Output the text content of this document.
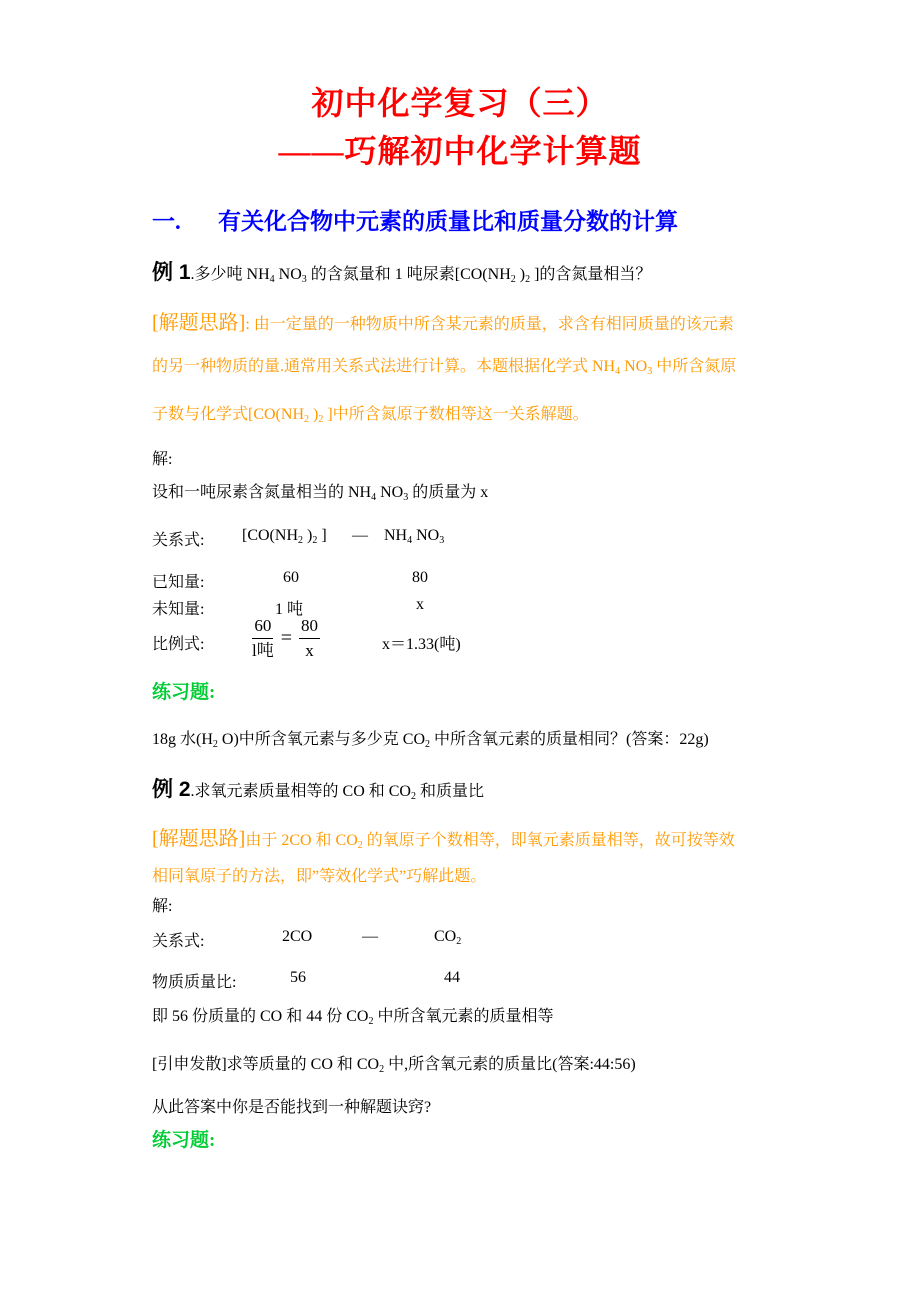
初中化学复习（三）
——巧解初中化学计算题
一. 有关化合物中元素的质量比和质量分数的计算
例 1.多少吨 $NH_4$ $NO_3$ 的含氮量和 1 吨尿素[$CO(NH_2$ )$_2$ ]的含氮量相当？
[解题思路]: 由一定量的一种物质中所含某元素的质量，求含有相同质量的该元素
的另一种物质的量.通常用关系式法进行计算。本题根据化学式 $NH_4$ $NO_3$ 中所含氮原
子数与化学式[$CO(NH_2$ )$_2$ ]中所含氮原子数相等这一关系解题。
解:
设和一吨尿素含氮量相当的 $NH_4$ $NO_3$ 的质量为 x
关系式: [$CO(NH_2$ )$_2$ ] — $NH_4$ $NO_3$
已知量:	60	80
未知量:	1 吨	x
比例式:	$\frac{60}{\text{l吨}} = \frac{80}{x}$	x＝1.33(吨)
练习题:
18g 水($H_2$ O)中所含氧元素与多少克 $CO_2$ 中所含氧元素的质量相同？(答案：22g)
例 2.求氧元素质量相等的 CO 和 $CO_2$ 和质量比
[解题思路]由于 2CO 和 $CO_2$ 的氧原子个数相等，即氧元素质量相等，故可按等效
相同氧原子的方法，即”等效化学式”巧解此题。
解:
关系式:	2CO	—	$CO_2$
物质质量比:	56	44
即 56 份质量的 CO 和 44 份 $CO_2$ 中所含氧元素的质量相等
[引申发散]求等质量的 CO 和 $CO_2$ 中,所含氧元素的质量比(答案:44:56)
从此答案中你是否能找到一种解题诀窍?
练习题:
